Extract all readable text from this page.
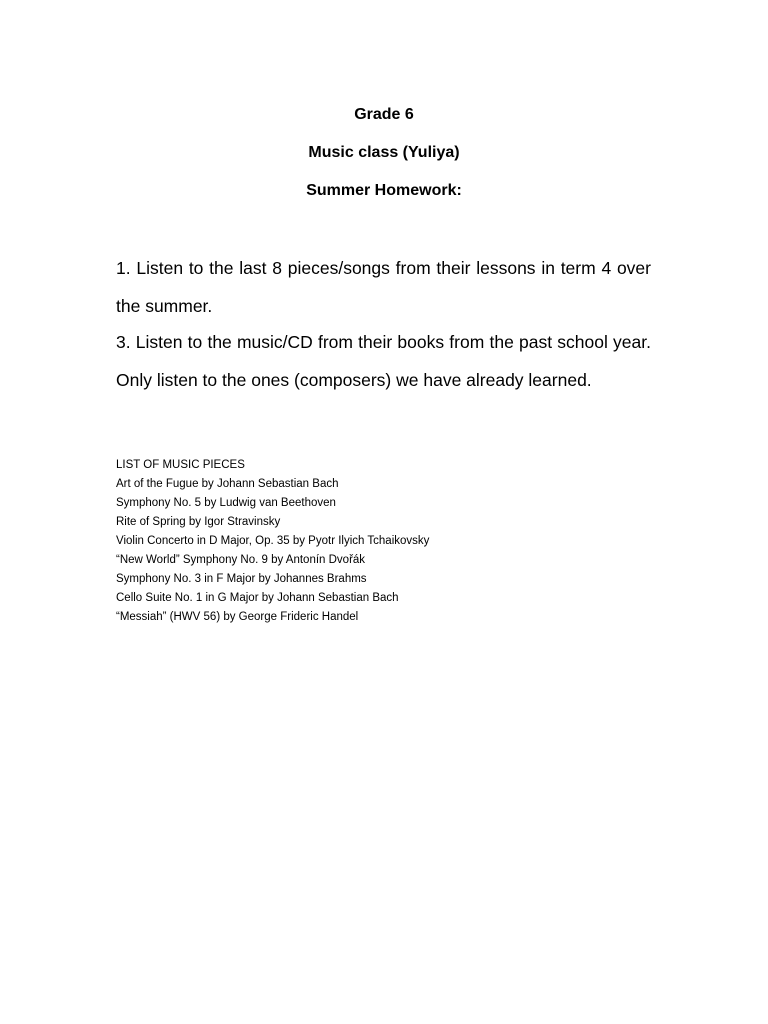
Grade 6
Music class (Yuliya)
Summer Homework:
1. Listen to the last 8 pieces/songs from their lessons in term 4 over the summer.
3. Listen to the music/CD from their books from the past school year. Only listen to the ones (composers) we have already learned.
LIST OF MUSIC PIECES
Art of the Fugue by Johann Sebastian Bach
Symphony No. 5 by Ludwig van Beethoven
Rite of Spring by Igor Stravinsky
Violin Concerto in D Major, Op. 35 by Pyotr Ilyich Tchaikovsky
“New World” Symphony No. 9 by Antonín Dvořák
Symphony No. 3 in F Major by Johannes Brahms
Cello Suite No. 1 in G Major by Johann Sebastian Bach
“Messiah” (HWV 56) by George Frideric Handel
